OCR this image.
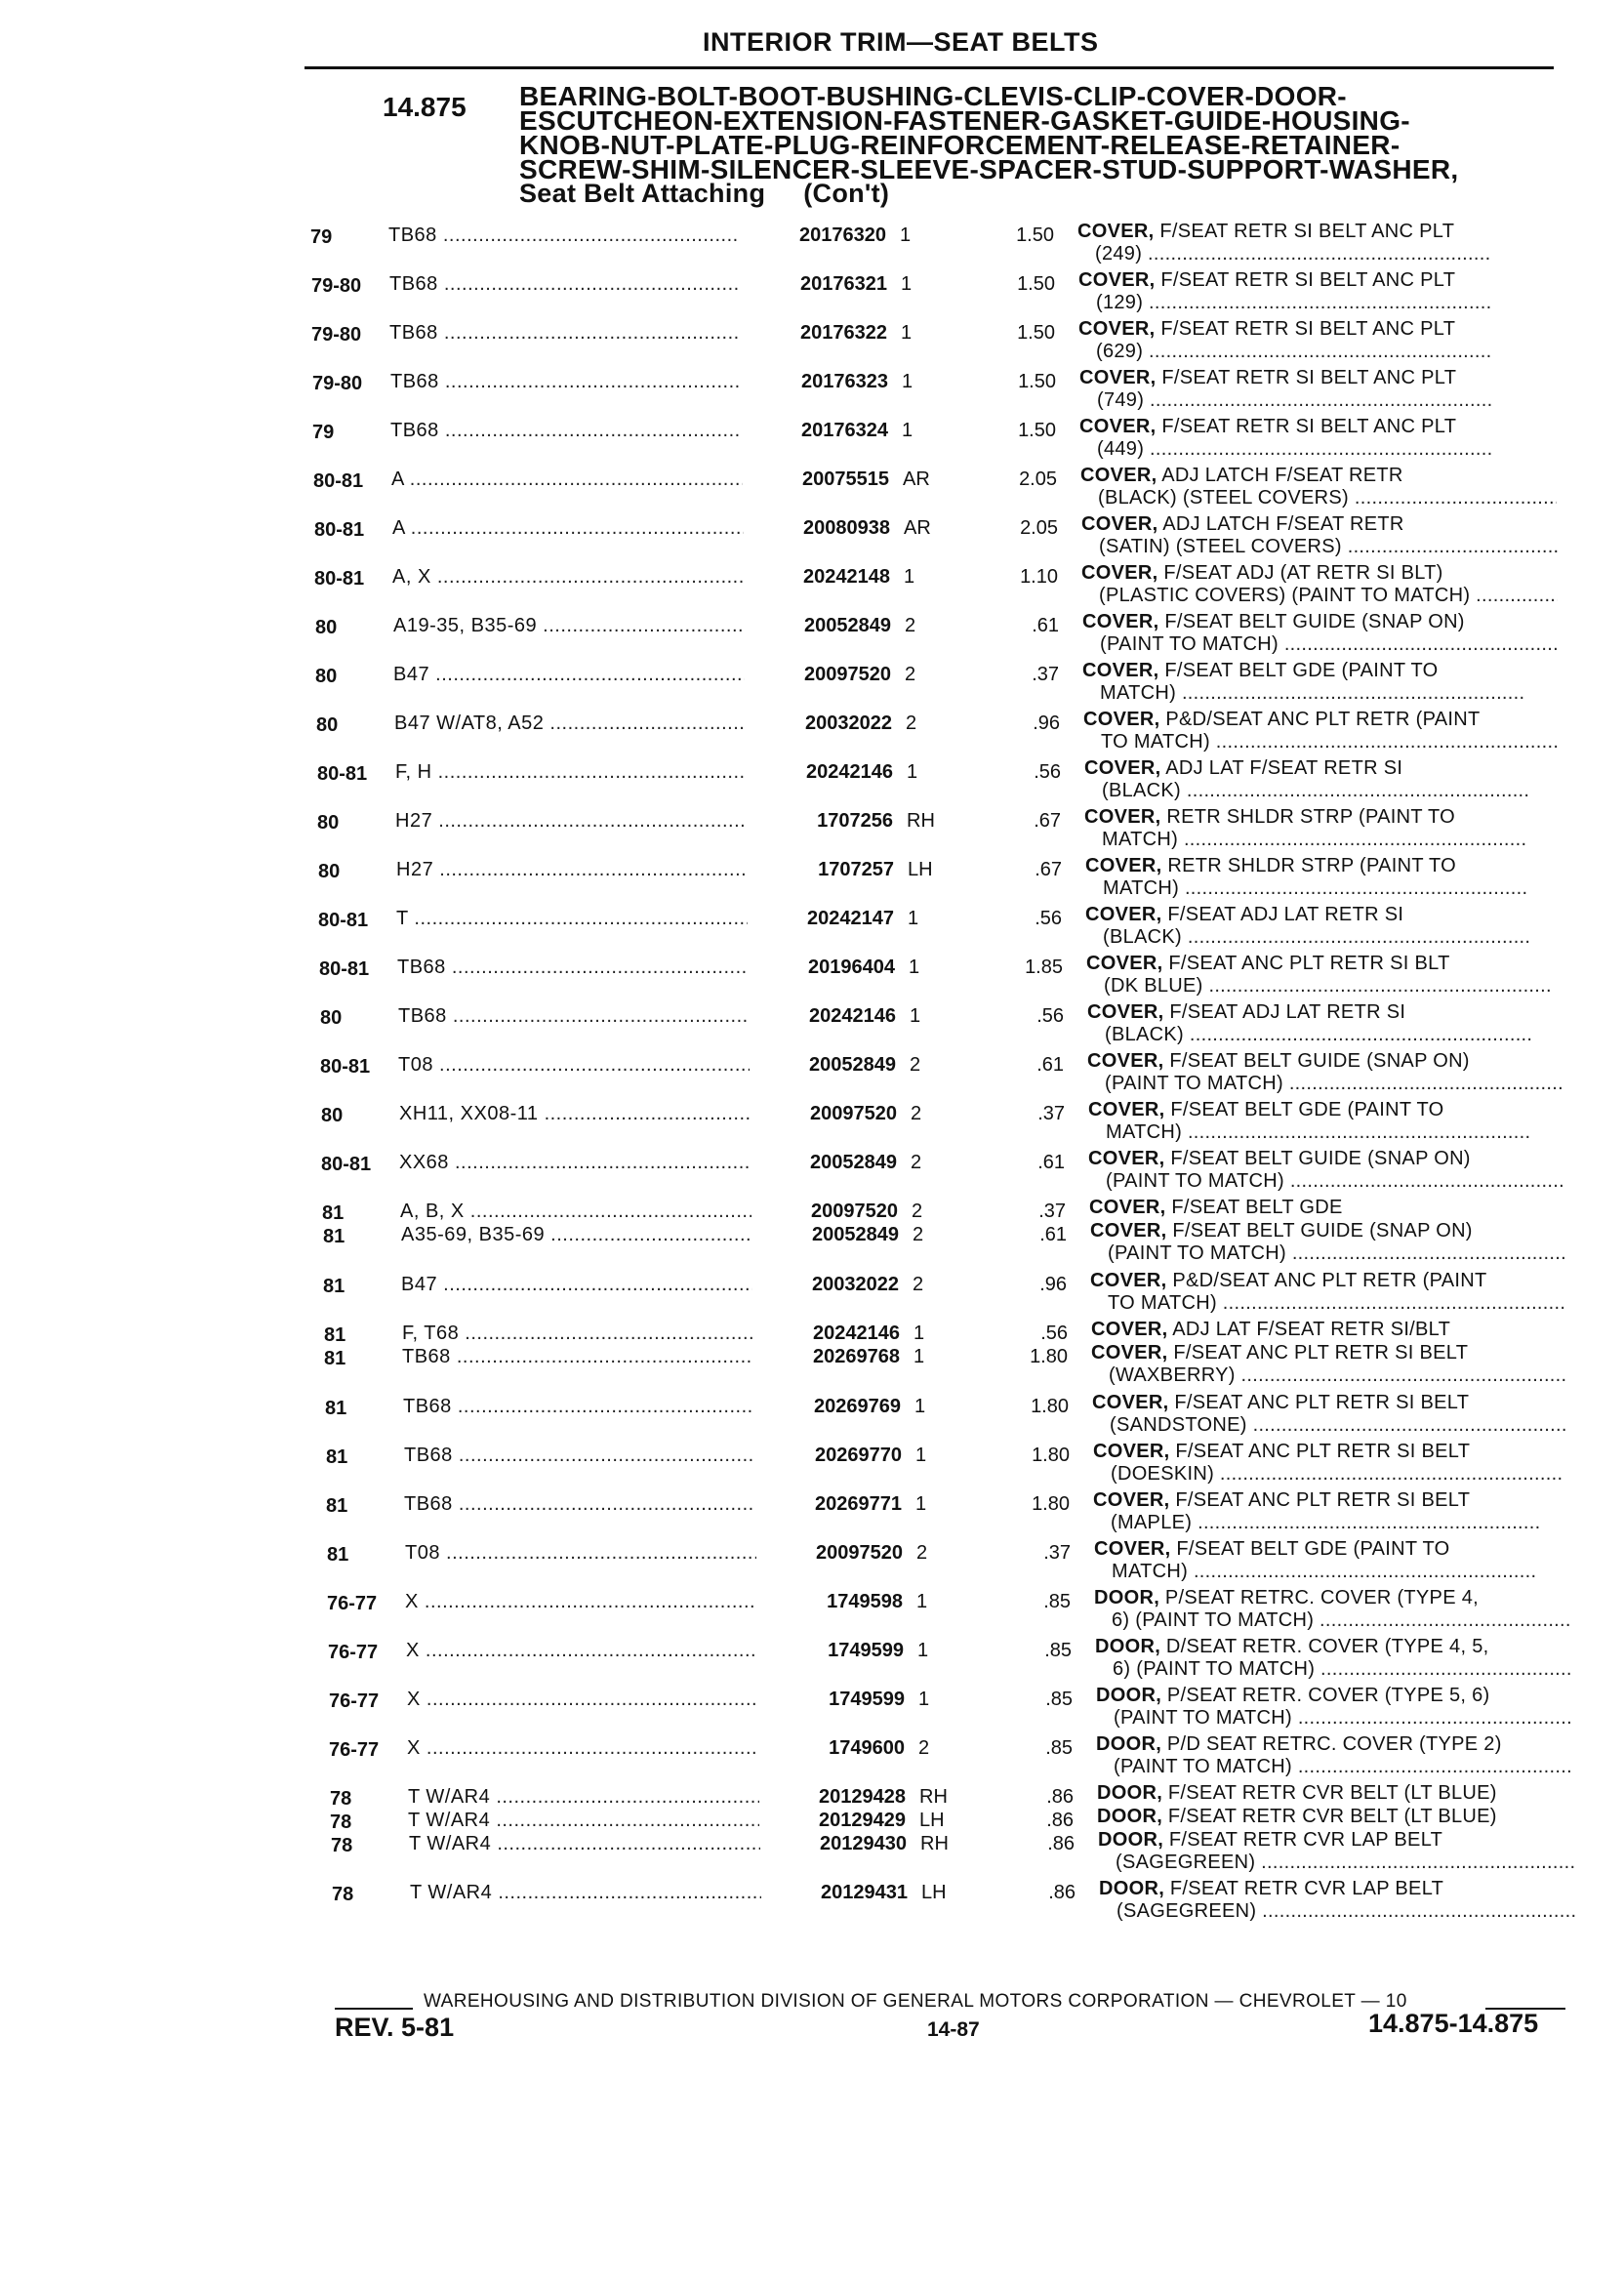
INTERIOR TRIM—SEAT BELTS
14.875 BEARING-BOLT-BOOT-BUSHING-CLEVIS-CLIP-COVER-DOOR-
ESCUTCHEON-EXTENSION-FASTENER-GASKET-GUIDE-HOUSING-
KNOB-NUT-PLATE-PLUG-REINFORCEMENT-RELEASE-RETAINER-
SCREW-SHIM-SILENCER-SLEEVE-SPACER-STUD-SUPPORT-WASHER,
Seat Belt Attaching     (Con't)
79	TB68 .....	20176320 1	1.50 COVER, F/SEAT RETR SI BELT ANC PLT
(249) .....
79-80 TB68 .....	20176321 1	1.50 COVER, F/SEAT RETR SI BELT ANC PLT
(129) .....
79-80 TB68 .....	20176322 1	1.50 COVER, F/SEAT RETR SI BELT ANC PLT
(629) .....
79-80 TB68 .....	20176323 1	1.50 COVER, F/SEAT RETR SI BELT ANC PLT
(749) .....
79	TB68 .....	20176324 1	1.50 COVER, F/SEAT RETR SI BELT ANC PLT
(449) .....
80-81 A .....	20075515 AR	2.05 COVER, ADJ LATCH F/SEAT RETR
(BLACK) (STEEL COVERS) .....
80-81 A .....	20080938 AR	2.05 COVER, ADJ LATCH F/SEAT RETR
(SATIN) (STEEL COVERS) .....
80-81 A, X .....	20242148 1	1.10 COVER, F/SEAT ADJ (AT RETR SI BLT)
(PLASTIC COVERS) (PAINT TO MATCH) .....
80	A19-35, B35-69 .....	20052849 2	.61 COVER, F/SEAT BELT GUIDE (SNAP ON)
(PAINT TO MATCH) .....
80	B47 .....	20097520 2	.37 COVER, F/SEAT BELT GDE (PAINT TO
MATCH) .....
80	B47 W/AT8, A52 .....	20032022 2	.96 COVER, P&D/SEAT ANC PLT RETR (PAINT
TO MATCH) .....
80-81 F, H .....	20242146 1	.56 COVER, ADJ LAT F/SEAT RETR SI
(BLACK) .....
80	H27 .....	1707256 RH	.67 COVER, RETR SHLDR STRP (PAINT TO
MATCH) .....
80	H27 .....	1707257 LH	.67 COVER, RETR SHLDR STRP (PAINT TO
MATCH) .....
80-81 T .....	20242147 1	.56 COVER, F/SEAT ADJ LAT RETR SI
(BLACK) .....
80-81 TB68 .....	20196404 1	1.85 COVER, F/SEAT ANC PLT RETR SI BLT
(DK BLUE) .....
80	TB68 .....	20242146 1	.56 COVER, F/SEAT ADJ LAT RETR SI
(BLACK) .....
80-81 T08 .....	20052849 2	.61 COVER, F/SEAT BELT GUIDE (SNAP ON)
(PAINT TO MATCH) .....
80	XH11, XX08-11 .....	20097520 2	.37 COVER, F/SEAT BELT GDE (PAINT TO
MATCH) .....
80-81 XX68 .....	20052849 2	.61 COVER, F/SEAT BELT GUIDE (SNAP ON)
(PAINT TO MATCH) .....
81	A, B, X .....	20097520 2	.37 COVER, F/SEAT BELT GDE
81	A35-69, B35-69 .....	20052849 2	.61 COVER, F/SEAT BELT GUIDE (SNAP ON)
(PAINT TO MATCH) .....
81	B47 .....	20032022 2	.96 COVER, P&D/SEAT ANC PLT RETR (PAINT
TO MATCH) .....
81	F, T68 .....	20242146 1	.56 COVER, ADJ LAT F/SEAT RETR SI/BLT
81	TB68 .....	20269768 1	1.80 COVER, F/SEAT ANC PLT RETR SI BELT
(WAXBERRY) .....
81	TB68 .....	20269769 1	1.80 COVER, F/SEAT ANC PLT RETR SI BELT
(SANDSTONE) .....
81	TB68 .....	20269770 1	1.80 COVER, F/SEAT ANC PLT RETR SI BELT
(DOESKIN) .....
81	TB68 .....	20269771 1	1.80 COVER, F/SEAT ANC PLT RETR SI BELT
(MAPLE) .....
81	T08 .....	20097520 2	.37 COVER, F/SEAT BELT GDE (PAINT TO
MATCH) .....
76-77 X .....	1749598 1	.85 DOOR, P/SEAT RETRC. COVER (TYPE 4,
6) (PAINT TO MATCH) .....
76-77 X .....	1749599 1	.85 DOOR, D/SEAT RETR. COVER (TYPE 4, 5,
6) (PAINT TO MATCH) .....
76-77 X .....	1749599 1	.85 DOOR, P/SEAT RETR. COVER (TYPE 5, 6)
(PAINT TO MATCH) .....
76-77 X .....	1749600 2	.85 DOOR, P/D SEAT RETRC. COVER (TYPE 2)
(PAINT TO MATCH) .....
78	T W/AR4 .....	20129428 RH	.86 DOOR, F/SEAT RETR CVR BELT (LT BLUE)
78	T W/AR4 .....	20129429 LH	.86 DOOR, F/SEAT RETR CVR BELT (LT BLUE)
78	T W/AR4 .....	20129430 RH	.86 DOOR, F/SEAT RETR CVR LAP BELT
(SAGEGREEN) .....
78	T W/AR4 .....	20129431 LH	.86 DOOR, F/SEAT RETR CVR LAP BELT
(SAGEGREEN) .....
WAREHOUSING AND DISTRIBUTION DIVISION OF GENERAL MOTORS CORPORATION — CHEVROLET — 10
REV. 5-81	14-87	14.875-14.875
